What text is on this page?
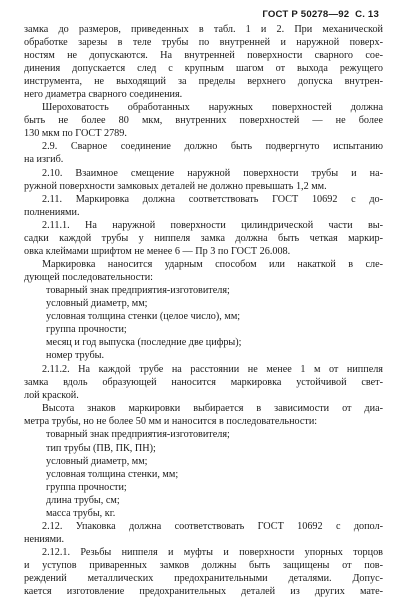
ГОСТ Р 50278—92 С. 13
замка до размеров, приведенных в табл. 1 и 2. При механической
обработке зарезы в теле трубы по внутренней и наружной поверх-
ностям не допускаются. На внутренней поверхности сварного сое-
динения допускается след с крупным шагом от выхода режущего
инструмента, не выходящий за пределы верхнего допуска внутрен-
него диаметра сварного соединения.
Шероховатость обработанных наружных поверхностей должна
быть не более 80 мкм, внутренних поверхностей — не более
130 мкм по ГОСТ 2789.
2.9. Сварное соединение должно быть подвергнуто испытанию
на изгиб.
2.10. Взаимное смещение наружной поверхности трубы и на-
ружной поверхности замковых деталей не должно превышать 1,2 мм.
2.11. Маркировка должна соответствовать ГОСТ 10692 с до-
полнениями.
2.11.1. На наружной поверхности цилиндрической части вы-
садки каждой трубы у ниппеля замка должна быть четкая маркир-
овка клеймами шрифтом не менее 6 — Пр 3 по ГОСТ 26.008.
Маркировка наносится ударным способом или накаткой в сле-
дующей последовательности:
товарный знак предприятия-изготовителя;
условный диаметр, мм;
условная толщина стенки (целое число), мм;
группа прочности;
месяц и год выпуска (последние две цифры);
номер трубы.
2.11.2. На каждой трубе на расстоянии не менее 1 м от ниппеля
замка вдоль образующей наносится маркировка устойчивой свет-
лой краской.
Высота знаков маркировки выбирается в зависимости от диа-
метра трубы, но не более 50 мм и наносится в последовательности:
товарный знак предприятия-изготовителя;
тип трубы (ПВ, ПК, ПН);
условный диаметр, мм;
условная толщина стенки, мм;
группа прочности;
длина трубы, см;
масса трубы, кг.
2.12. Упаковка должна соответствовать ГОСТ 10692 с допол-
нениями.
2.12.1. Резьбы ниппеля и муфты и поверхности упорных торцов
и уступов приваренных замков должны быть защищены от пов-
реждений металлических предохранительными деталями. Допус-
кается изготовление предохранительных деталей из других мате-
